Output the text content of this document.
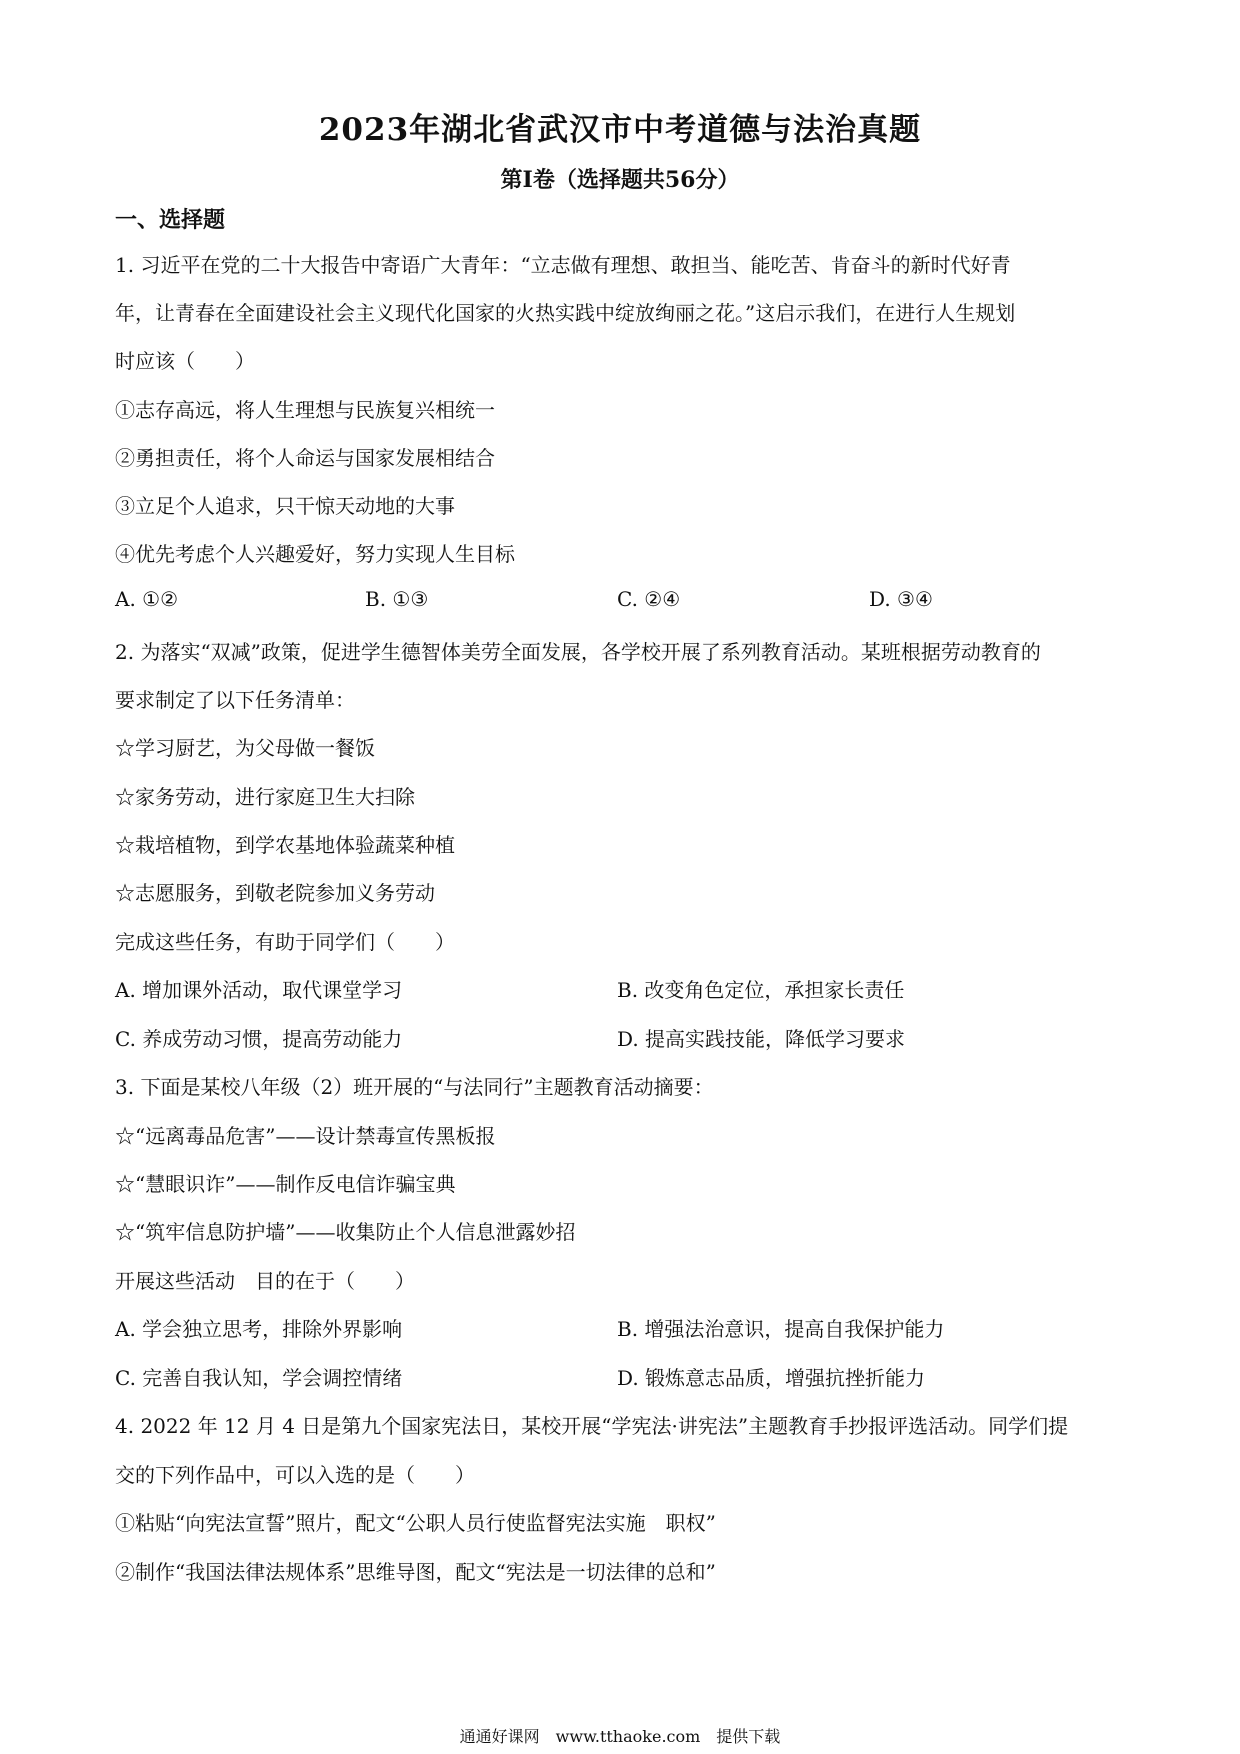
2023年湖北省武汉市中考道德与法治真题
第I卷（选择题共56分）
一、选择题
1. 习近平在党的二十大报告中寄语广大青年：“立志做有理想、敢担当、能吃苦、肯奋斗的新时代好青
年，让青春在全面建设社会主义现代化国家的火热实践中绽放绚丽之花。”这启示我们，在进行人生规划
时应该（　　）
①志存高远，将人生理想与民族复兴相统一
②勇担责任，将个人命运与国家发展相结合
③立足个人追求，只干惊天动地的大事
④优先考虑个人兴趣爱好，努力实现人生目标
A. ①②	B. ①③	C. ②④	D. ③④
2. 为落实“双减”政策，促进学生德智体美劳全面发展，各学校开展了系列教育活动。某班根据劳动教育的
要求制定了以下任务清单：
☆学习厨艺，为父母做一餐饭
☆家务劳动，进行家庭卫生大扫除
☆栽培植物，到学农基地体验蔬菜种植
☆志愿服务，到敬老院参加义务劳动
完成这些任务，有助于同学们（　　）
A. 增加课外活动，取代课堂学习	B. 改变角色定位，承担家长责任
C. 养成劳动习惯，提高劳动能力	D. 提高实践技能，降低学习要求
3. 下面是某校八年级（2）班开展的“与法同行”主题教育活动摘要：
☆“远离毒品危害”——设计禁毒宣传黑板报
☆“慧眼识诈”——制作反电信诈骗宝典
☆“筑牢信息防护墙”——收集防止个人信息泄露妙招
开展这些活动　目的在于（　　）
A. 学会独立思考，排除外界影响	B. 增强法治意识，提高自我保护能力
C. 完善自我认知，学会调控情绪	D. 锻炼意志品质，增强抗挫折能力
4. 2022 年 12 月 4 日是第九个国家宪法日，某校开展“学宪法·讲宪法”主题教育手抄报评选活动。同学们提
交的下列作品中，可以入选的是（　　）
①粘贴“向宪法宣誓”照片，配文“公职人员行使监督宪法实施　职权”
②制作“我国法律法规体系”思维导图，配文“宪法是一切法律的总和”
通通好课网　www.tthaoke.com　提供下载
